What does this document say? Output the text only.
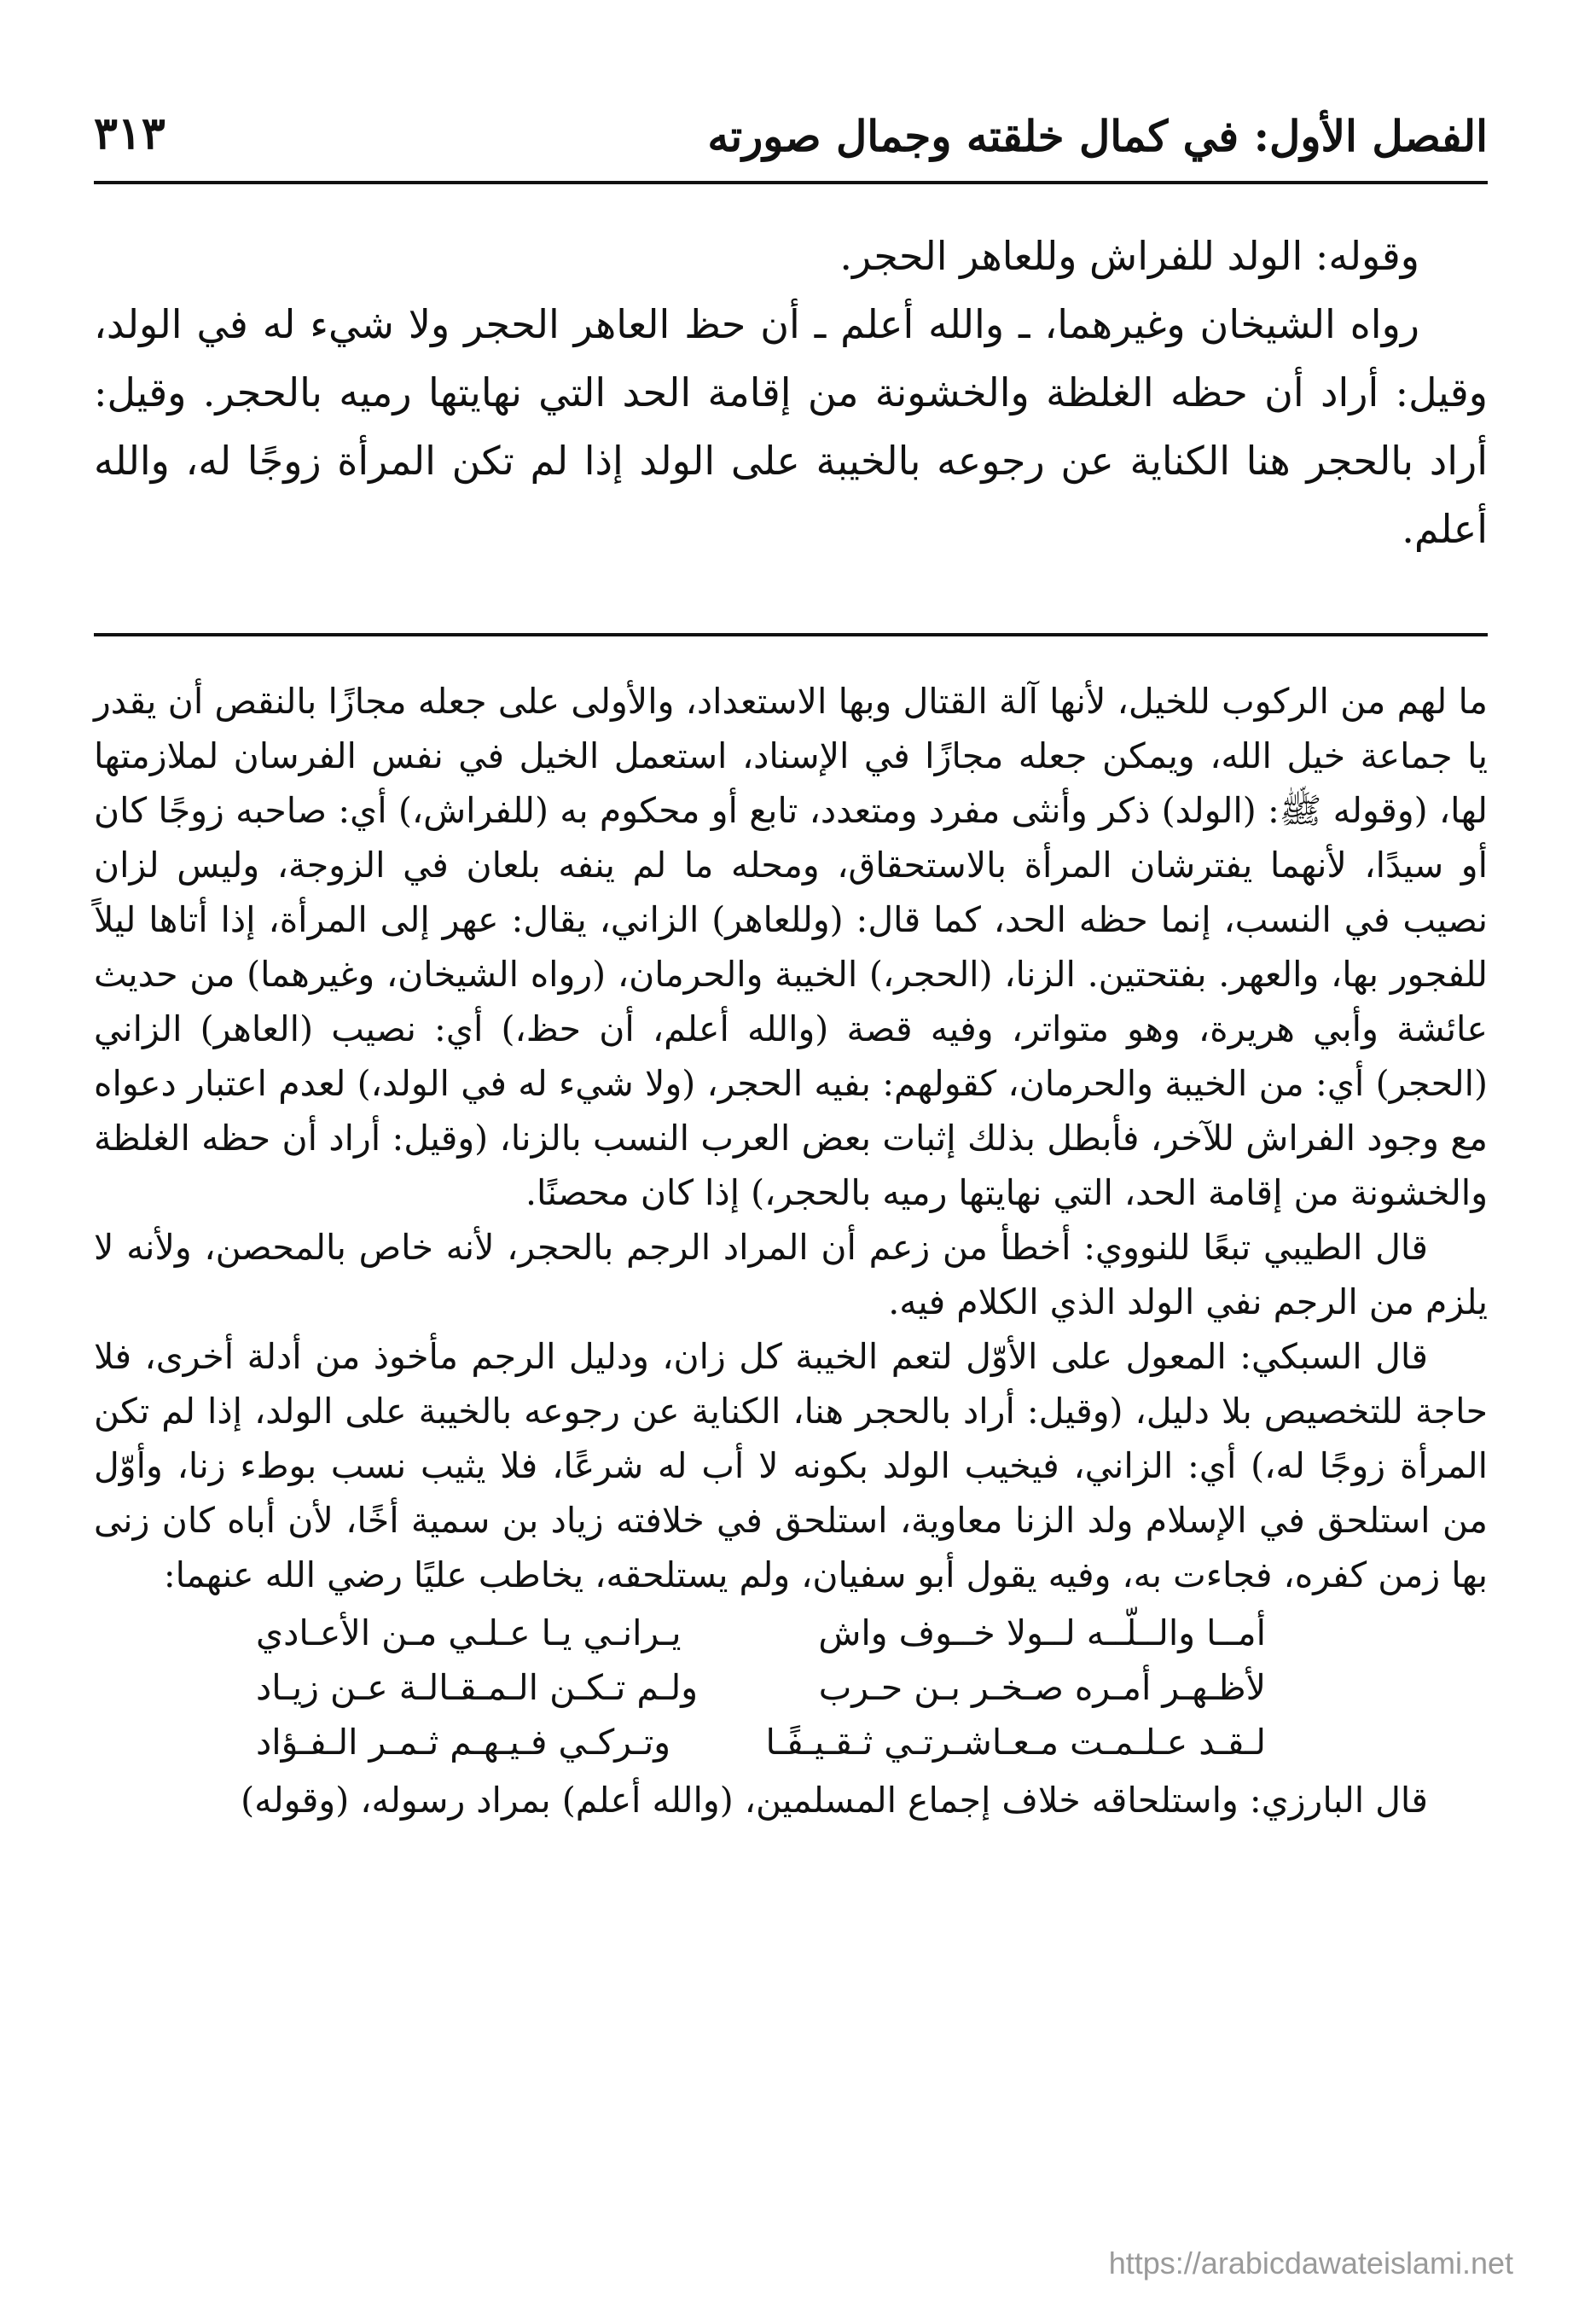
الفصل الأول: في كمال خلقته وجمال صورته
٣١٣

وقوله: الولد للفراش وللعاهر الحجر.

رواه الشيخان وغيرهما، ـ والله أعلم ـ أن حظ العاهر الحجر ولا شيء له في الولد، وقيل: أراد أن حظه الغلظة والخشونة من إقامة الحد التي نهايتها رميه بالحجر. وقيل: أراد بالحجر هنا الكناية عن رجوعه بالخيبة على الولد إذا لم تكن المرأة زوجًا له، والله أعلم.

ما لهم من الركوب للخيل، لأنها آلة القتال وبها الاستعداد، والأولى على جعله مجازًا بالنقص أن يقدر يا جماعة خيل الله، ويمكن جعله مجازًا في الإسناد، استعمل الخيل في نفس الفرسان لملازمتها لها، (وقوله ﷺ: (الولد) ذكر وأنثى مفرد ومتعدد، تابع أو محكوم به (للفراش،) أي: صاحبه زوجًا كان أو سيدًا، لأنهما يفترشان المرأة بالاستحقاق، ومحله ما لم ينفه بلعان في الزوجة، وليس لزان نصيب في النسب، إنما حظه الحد، كما قال: (وللعاهر) الزاني، يقال: عهر إلى المرأة، إذا أتاها ليلاً للفجور بها، والعهر. بفتحتين. الزنا، (الحجر،) الخيبة والحرمان، (رواه الشيخان، وغيرهما) من حديث عائشة وأبي هريرة، وهو متواتر، وفيه قصة (والله أعلم، أن حظ،) أي: نصيب (العاهر) الزاني (الحجر) أي: من الخيبة والحرمان، كقولهم: بفيه الحجر، (ولا شيء له في الولد،) لعدم اعتبار دعواه مع وجود الفراش للآخر، فأبطل بذلك إثبات بعض العرب النسب بالزنا، (وقيل: أراد أن حظه الغلظة والخشونة من إقامة الحد، التي نهايتها رميه بالحجر،) إذا كان محصنًا.

قال الطيبي تبعًا للنووي: أخطأ من زعم أن المراد الرجم بالحجر، لأنه خاص بالمحصن، ولأنه لا يلزم من الرجم نفي الولد الذي الكلام فيه.

قال السبكي: المعول على الأوّل لتعم الخيبة كل زان، ودليل الرجم مأخوذ من أدلة أخرى، فلا حاجة للتخصيص بلا دليل، (وقيل: أراد بالحجر هنا، الكناية عن رجوعه بالخيبة على الولد، إذا لم تكن المرأة زوجًا له،) أي: الزاني، فيخيب الولد بكونه لا أب له شرعًا، فلا يثيب نسب بوطء زنا، وأوّل من استلحق في الإسلام ولد الزنا معاوية، استلحق في خلافته زياد بن سمية أخًا، لأن أباه كان زنى بها زمن كفره، فجاءت به، وفيه يقول أبو سفيان، ولم يستلحقه، يخاطب عليًا رضي الله عنهما:

أمــا والــلّــه لــولا خــوف واش
يـرانـي يـا عـلـي مـن الأعـادي
لأظـهـر أمـره صـخـر بـن حـرب
ولـم تـكـن الـمـقـالـة عـن زيـاد
لـقـد عـلـمـت مـعـاشـرتـي ثـقـيـفًـا
وتـركـي فـيـهـم ثـمـر الـفـؤاد

قال البارزي: واستلحاقه خلاف إجماع المسلمين، (والله أعلم) بمراد رسوله، (وقوله)

https://arabicdawateislami.net
